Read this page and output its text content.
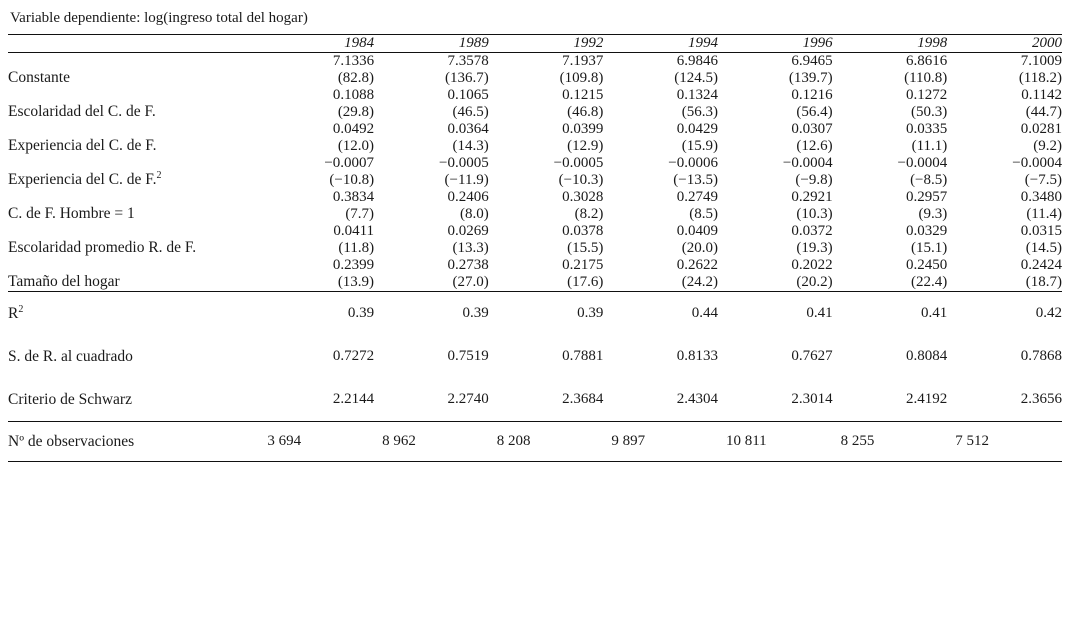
Variable dependiente: log(ingreso total del hogar)
	1984	1989	1992	1994	1996	1998	2000
Constante	7.1336	7.3578	7.1937	6.9846	6.9465	6.8616	7.1009
	(82.8)	(136.7)	(109.8)	(124.5)	(139.7)	(110.8)	(118.2)
Escolaridad del C. de F.	0.1088	0.1065	0.1215	0.1324	0.1216	0.1272	0.1142
	(29.8)	(46.5)	(46.8)	(56.3)	(56.4)	(50.3)	(44.7)
Experiencia del C. de F.	0.0492	0.0364	0.0399	0.0429	0.0307	0.0335	0.0281
	(12.0)	(14.3)	(12.9)	(15.9)	(12.6)	(11.1)	(9.2)
Experiencia del C. de F.$^2$	−0.0007	−0.0005	−0.0005	−0.0006	−0.0004	−0.0004	−0.0004
	(−10.8)	(−11.9)	(−10.3)	(−13.5)	(−9.8)	(−8.5)	(−7.5)
C. de F. Hombre = 1	0.3834	0.2406	0.3028	0.2749	0.2921	0.2957	0.3480
	(7.7)	(8.0)	(8.2)	(8.5)	(10.3)	(9.3)	(11.4)
Escolaridad promedio R. de F.	0.0411	0.0269	0.0378	0.0409	0.0372	0.0329	0.0315
	(11.8)	(13.3)	(15.5)	(20.0)	(19.3)	(15.1)	(14.5)
Tamaño del hogar	0.2399	0.2738	0.2175	0.2622	0.2022	0.2450	0.2424
	(13.9)	(27.0)	(17.6)	(24.2)	(20.2)	(22.4)	(18.7)
$R^2$	0.39	0.39	0.39	0.44	0.41	0.41	0.42
S. de R. al cuadrado	0.7272	0.7519	0.7881	0.8133	0.7627	0.8084	0.7868
Criterio de Schwarz	2.2144	2.2740	2.3684	2.4304	2.3014	2.4192	2.3656
Nº de observaciones	3 694	8 962	8 208	9 897	10 811	8 255	7 512
